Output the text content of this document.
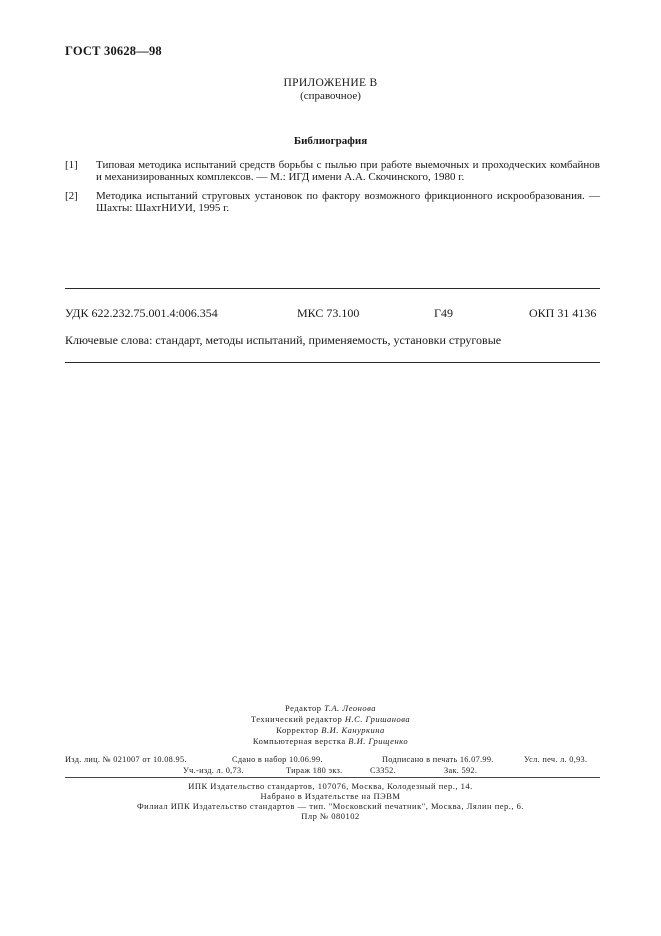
ГОСТ 30628—98
ПРИЛОЖЕНИЕ В
(справочное)
Библиография
[1] Типовая методика испытаний средств борьбы с пылью при работе выемочных и проходческих комбайнов и механизированных комплексов. — М.: ИГД имени А.А. Скочинского, 1980 г.
[2] Методика испытаний струговых установок по фактору возможного фрикционного искрообразования. — Шахты: ШахтНИУИ, 1995 г.
УДК 622.232.75.001.4:006.354	МКС 73.100	Г49	ОКП 31 4136
Ключевые слова: стандарт, методы испытаний, применяемость, установки струговые
Редактор Т.А. Леонова
Технический редактор Н.С. Гришанова
Корректор В.И. Кануркина
Компьютерная верстка В.И. Грищенко
Изд. лиц. № 021007 от 10.08.95.	Сдано в набор 10.06.99.	Подписано в печать 16.07.99.	Усл. печ. л. 0,93.
Уч.-изд. л. 0,73.	Тираж 180 экз.	С3352.	Зак. 592.
ИПК Издательство стандартов, 107076, Москва, Колодезный пер., 14.
Набрано в Издательстве на ПЭВМ
Филиал ИПК Издательство стандартов — тип. "Московский печатник", Москва, Лялин пер., 6.
Плр № 080102
